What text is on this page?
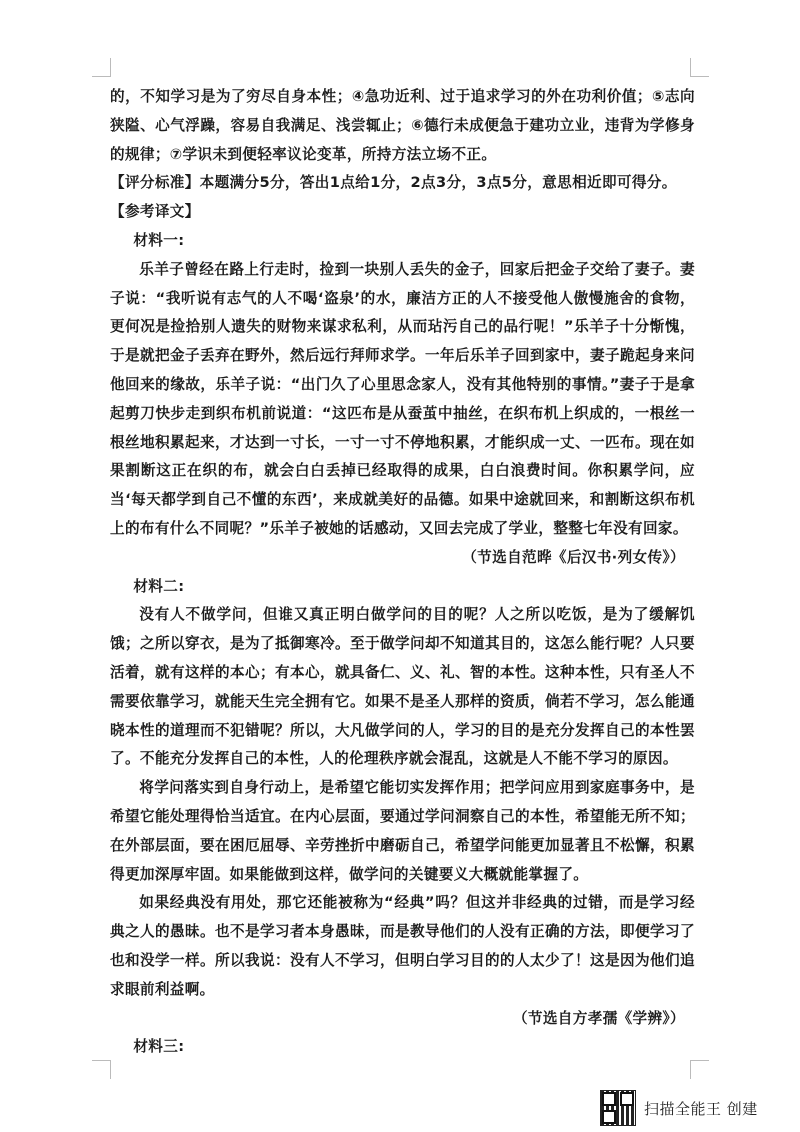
的，不知学习是为了穷尽自身本性；④急功近利、过于追求学习的外在功利价值；⑤志向狭隘、心气浮躁，容易自我满足、浅尝辄止；⑥德行未成便急于建功立业，违背为学修身的规律；⑦学识未到便轻率议论变革，所持方法立场不正。

【评分标准】本题满分5分，答出1点给1分，2点3分，3点5分，意思相近即可得分。

【参考译文】

材料一:

乐羊子曾经在路上行走时，捡到一块别人丢失的金子，回家后把金子交给了妻子。妻子说：“我听说有志气的人不喝‘盗泉’的水，廉洁方正的人不接受他人傲慢施舍的食物，更何况是捡拾别人遗失的财物来谋求私利，从而玷污自己的品行呢！”乐羊子十分惭愧，于是就把金子丢弃在野外，然后远行拜师求学。一年后乐羊子回到家中，妻子跪起身来问他回来的缘故，乐羊子说：“出门久了心里思念家人，没有其他特别的事情。”妻子于是拿起剪刀快步走到织布机前说道：“这匹布是从蚕茧中抽丝，在织布机上织成的，一根丝一根丝地积累起来，才达到一寸长，一寸一寸不停地积累，才能织成一丈、一匹布。现在如果割断这正在织的布，就会白白丢掉已经取得的成果，白白浪费时间。你积累学问，应当‘每天都学到自己不懂的东西’，来成就美好的品德。如果中途就回来，和割断这织布机上的布有什么不同呢？”乐羊子被她的话感动，又回去完成了学业，整整七年没有回家。

（节选自范晔《后汉书·列女传》）

材料二:

没有人不做学问，但谁又真正明白做学问的目的呢？人之所以吃饭，是为了缓解饥饿；之所以穿衣，是为了抵御寒冷。至于做学问却不知道其目的，这怎么能行呢？人只要活着，就有这样的本心；有本心，就具备仁、义、礼、智的本性。这种本性，只有圣人不需要依靠学习，就能天生完全拥有它。如果不是圣人那样的资质，倘若不学习，怎么能通晓本性的道理而不犯错呢？所以，大凡做学问的人，学习的目的是充分发挥自己的本性罢了。不能充分发挥自己的本性，人的伦理秩序就会混乱，这就是人不能不学习的原因。

将学问落实到自身行动上，是希望它能切实发挥作用；把学问应用到家庭事务中，是希望它能处理得恰当适宜。在内心层面，要通过学问洞察自己的本性，希望能无所不知；在外部层面，要在困厄屈辱、辛劳挫折中磨砺自己，希望学问能更加显著且不松懈，积累得更加深厚牢固。如果能做到这样，做学问的关键要义大概就能掌握了。

如果经典没有用处，那它还能被称为“经典”吗？但这并非经典的过错，而是学习经典之人的愚昧。也不是学习者本身愚昧，而是教导他们的人没有正确的方法，即便学习了也和没学一样。所以我说：没有人不学习，但明白学习目的的人太少了！这是因为他们追求眼前利益啊。

（节选自方孝孺《学辨》）

材料三:

扫描全能王 创建
